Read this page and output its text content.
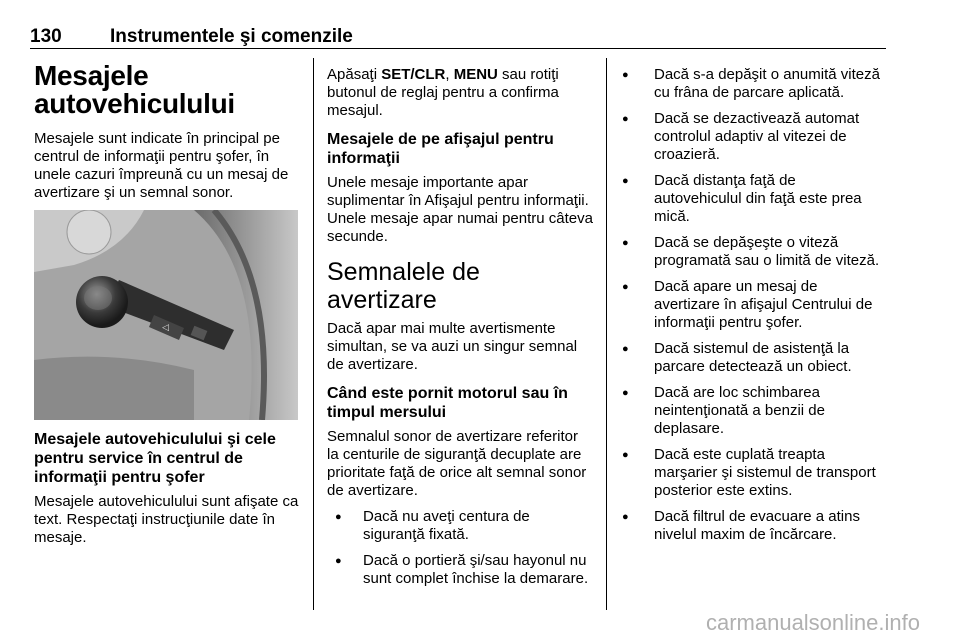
130	Instrumentele şi comenzile
Mesajele
autovehiculului

Mesajele sunt indicate în principal pe centrul de informaţii pentru şofer, în unele cazuri împreună cu un mesaj de avertizare şi un semnal sonor.

◁
Mesajele autovehiculului şi cele pentru service în centrul de informaţii pentru şofer

Mesajele autovehiculului sunt afişate ca text. Respectaţi instrucţiunile date în mesaje.

Apăsaţi SET/CLR, MENU sau rotiţi butonul de reglaj pentru a confirma mesajul.

Mesajele de pe afişajul pentru informaţii

Unele mesaje importante apar suplimentar în Afişajul pentru informaţii. Unele mesaje apar numai pentru câteva secunde.

Semnalele de avertizare

Dacă apar mai multe avertismente simultan, se va auzi un singur semnal de avertizare.

Când este pornit motorul sau în timpul mersului

Semnalul sonor de avertizare referitor la centurile de siguranţă decuplate are prioritate faţă de orice alt semnal sonor de avertizare.

● Dacă nu aveţi centura de siguranţă fixată.
● Dacă o portieră şi/sau hayonul nu sunt complet închise la demarare.
● Dacă s-a depăşit o anumită viteză cu frâna de parcare aplicată.
● Dacă se dezactivează automat controlul adaptiv al vitezei de croazieră.
● Dacă distanţa faţă de autovehiculul din faţă este prea mică.
● Dacă se depăşeşte o viteză programată sau o limită de viteză.
● Dacă apare un mesaj de avertizare în afişajul Centrului de informaţii pentru şofer.
● Dacă sistemul de asistenţă la parcare detectează un obiect.
● Dacă are loc schimbarea neintenţionată a benzii de deplasare.
● Dacă este cuplată treapta marşarier şi sistemul de transport posterior este extins.
● Dacă filtrul de evacuare a atins nivelul maxim de încărcare.
carmanualsonline.info
